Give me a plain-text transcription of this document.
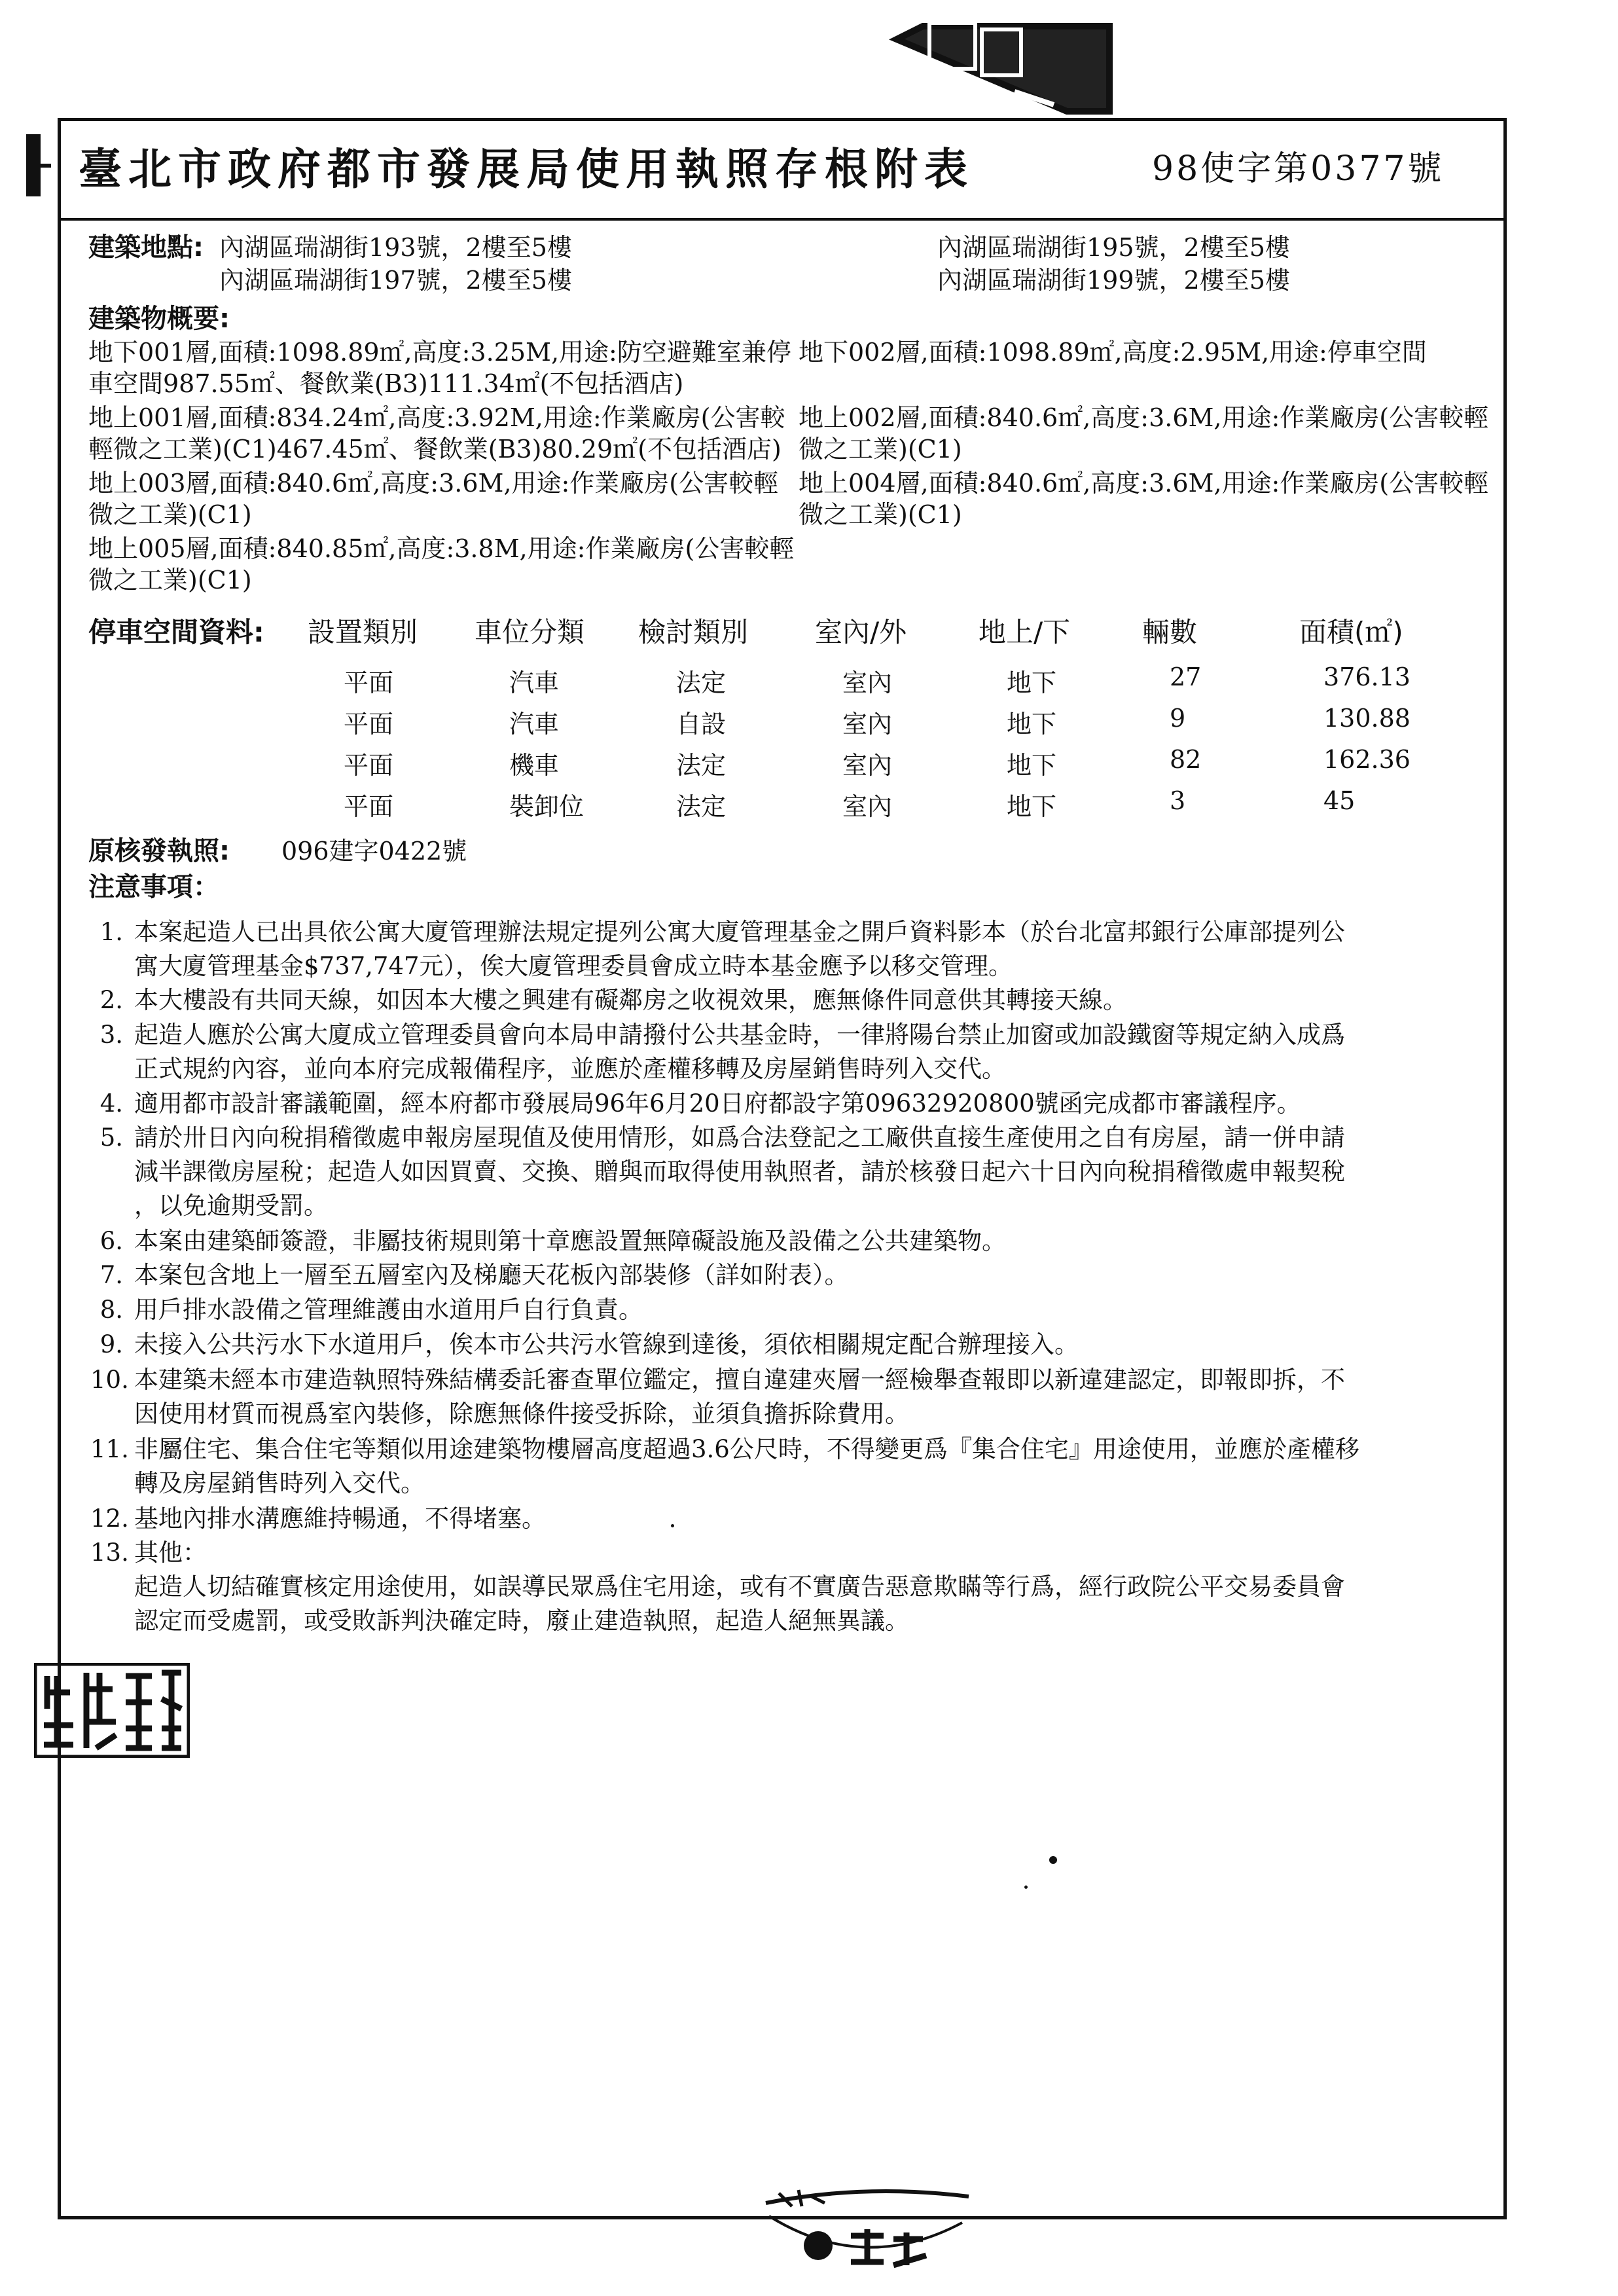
臺北市政府都市發展局使用執照存根附表	98使字第0377號
建築地點: 內湖區瑞湖街193號，2樓至5樓	內湖區瑞湖街195號，2樓至5樓
內湖區瑞湖街197號，2樓至5樓	內湖區瑞湖街199號，2樓至5樓
建築物概要:
地下001層,面積:1098.89㎡,高度:3.25M,用途:防空避難室兼停
車空間987.55㎡、餐飲業(B3)111.34㎡(不包括酒店)
地上001層,面積:834.24㎡,高度:3.92M,用途:作業廠房(公害較
輕微之工業)(C1)467.45㎡、餐飲業(B3)80.29㎡(不包括酒店)
地上003層,面積:840.6㎡,高度:3.6M,用途:作業廠房(公害較輕
微之工業)(C1)
地上005層,面積:840.85㎡,高度:3.8M,用途:作業廠房(公害較輕
微之工業)(C1)
地下002層,面積:1098.89㎡,高度:2.95M,用途:停車空間
地上002層,面積:840.6㎡,高度:3.6M,用途:作業廠房(公害較輕
微之工業)(C1)
地上004層,面積:840.6㎡,高度:3.6M,用途:作業廠房(公害較輕
微之工業)(C1)
停車空間資料: 設置類別 車位分類 檢討類別 室內/外	地上/下	輛數	面積(㎡)
平面	汽車	法定	室內	地下	27	376.13
平面	汽車	自設	室內	地下	9	130.88
平面	機車	法定	室內	地下	82	162.36
平面	裝卸位	法定	室內	地下	3	45
原核發執照: 096建字0422號
注意事項：
1. 本案起造人已出具依公寓大廈管理辦法規定提列公寓大廈管理基金之開戶資料影本（於台北富邦銀行公庫部提列公
寓大廈管理基金$737,747元），俟大廈管理委員會成立時本基金應予以移交管理。
2. 本大樓設有共同天線，如因本大樓之興建有礙鄰房之收視效果，應無條件同意供其轉接天線。
3. 起造人應於公寓大廈成立管理委員會向本局申請撥付公共基金時，一律將陽台禁止加窗或加設鐵窗等規定納入成爲
正式規約內容，並向本府完成報備程序，並應於產權移轉及房屋銷售時列入交代。
4. 適用都市設計審議範圍，經本府都市發展局96年6月20日府都設字第09632920800號函完成都市審議程序。
5. 請於卅日內向稅捐稽徵處申報房屋現值及使用情形，如爲合法登記之工廠供直接生產使用之自有房屋，請一併申請
減半課徵房屋稅；起造人如因買賣、交換、贈與而取得使用執照者，請於核發日起六十日內向稅捐稽徵處申報契稅
，以免逾期受罰。
6. 本案由建築師簽證，非屬技術規則第十章應設置無障礙設施及設備之公共建築物。
7. 本案包含地上一層至五層室內及梯廳天花板內部裝修（詳如附表）。
8. 用戶排水設備之管理維護由水道用戶自行負責。
9. 未接入公共污水下水道用戶，俟本市公共污水管線到達後，須依相關規定配合辦理接入。
10. 本建築未經本市建造執照特殊結構委託審查單位鑑定，擅自違建夾層一經檢舉查報即以新違建認定，即報即拆，不
因使用材質而視爲室內裝修，除應無條件接受拆除，並須負擔拆除費用。
11. 非屬住宅、集合住宅等類似用途建築物樓層高度超過3.6公尺時，不得變更爲『集合住宅』用途使用，並應於產權移
轉及房屋銷售時列入交代。
12. 基地內排水溝應維持暢通，不得堵塞。
13. 其他：
起造人切結確實核定用途使用，如誤導民眾爲住宅用途，或有不實廣告惡意欺瞞等行爲，經行政院公平交易委員會
認定而受處罰，或受敗訴判決確定時，廢止建造執照，起造人絕無異議。
